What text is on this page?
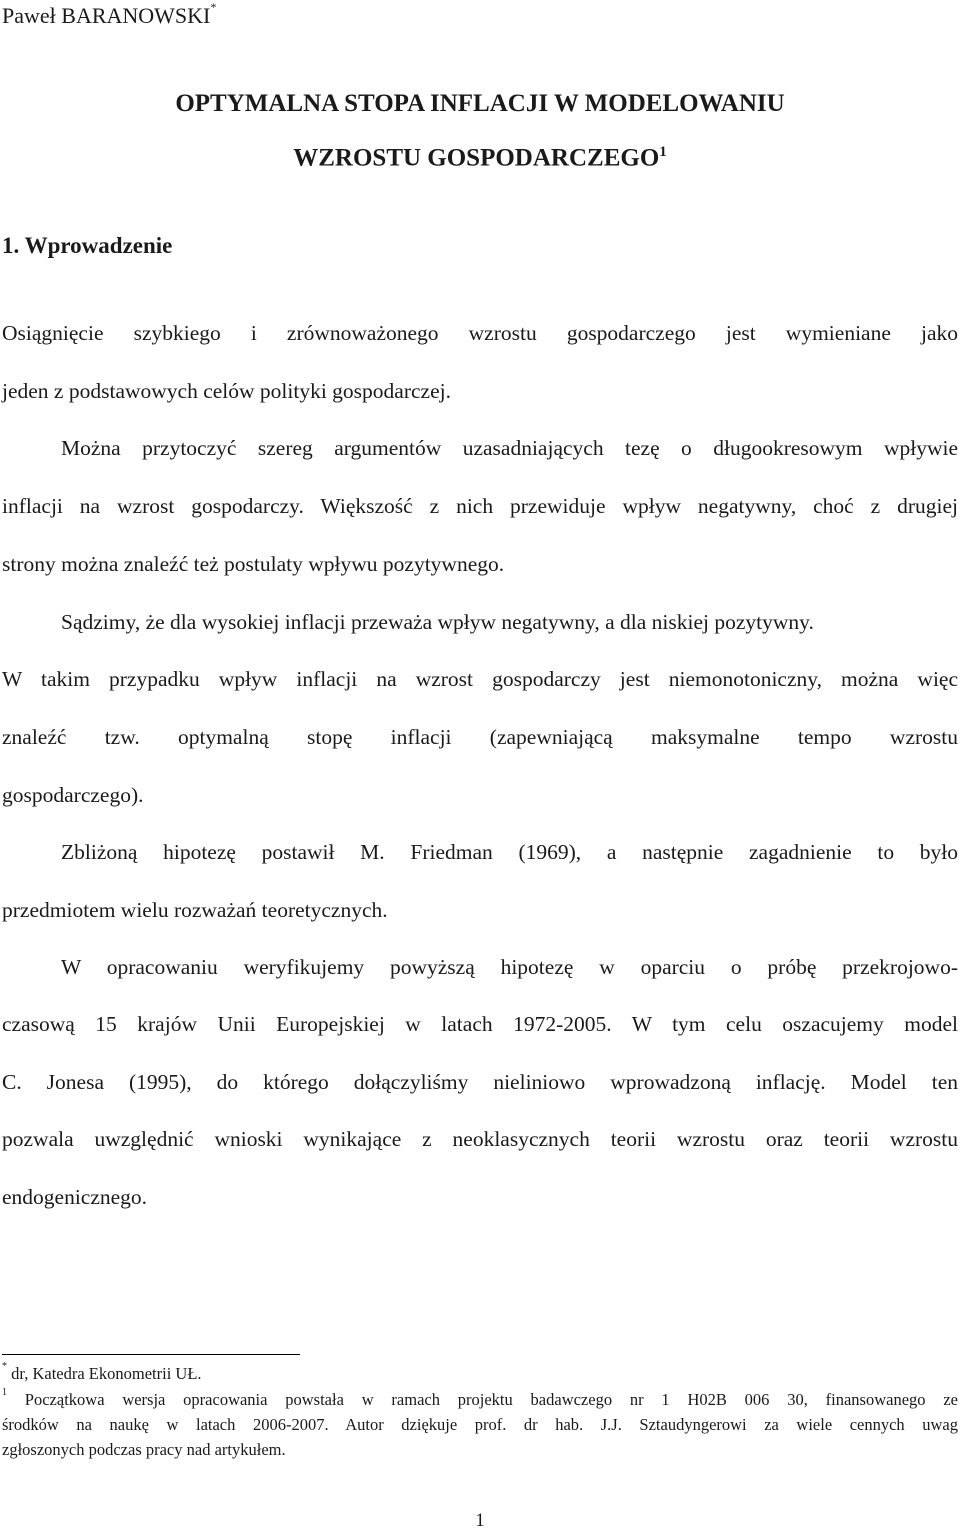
Paweł BARANOWSKI*
OPTYMALNA STOPA INFLACJI W MODELOWANIU
WZROSTU GOSPODARCZEGO$^1$
1. Wprowadzenie
Osiągnięcie szybkiego i zrównoważonego wzrostu gospodarczego jest wymieniane jako
jeden z podstawowych celów polityki gospodarczej.
Można przytoczyć szereg argumentów uzasadniających tezę o długookresowym wpływie
inflacji na wzrost gospodarczy. Większość z nich przewiduje wpływ negatywny, choć z drugiej
strony można znaleźć też postulaty wpływu pozytywnego.
Sądzimy, że dla wysokiej inflacji przeważa wpływ negatywny, a dla niskiej pozytywny.
W takim przypadku wpływ inflacji na wzrost gospodarczy jest niemonotoniczny, można więc
znaleźć tzw. optymalną stopę inflacji (zapewniającą maksymalne tempo wzrostu
gospodarczego).
Zbliżoną hipotezę postawił M. Friedman (1969), a następnie zagadnienie to było
przedmiotem wielu rozważań teoretycznych.
W opracowaniu weryfikujemy powyższą hipotezę w oparciu o próbę przekrojowo-
czasową 15 krajów Unii Europejskiej w latach 1972-2005. W tym celu oszacujemy model
C. Jonesa (1995), do którego dołączyliśmy nieliniowo wprowadzoną inflację. Model ten
pozwala uwzględnić wnioski wynikające z neoklasycznych teorii wzrostu oraz teorii wzrostu
endogenicznego.
* dr, Katedra Ekonometrii UŁ.
$^1$ Początkowa wersja opracowania powstała w ramach projektu badawczego nr 1 H02B 006 30, finansowanego ze
środków na naukę w latach 2006-2007. Autor dziękuje prof. dr hab. J.J. Sztaudyngerowi za wiele cennych uwag
zgłoszonych podczas pracy nad artykułem.
1
